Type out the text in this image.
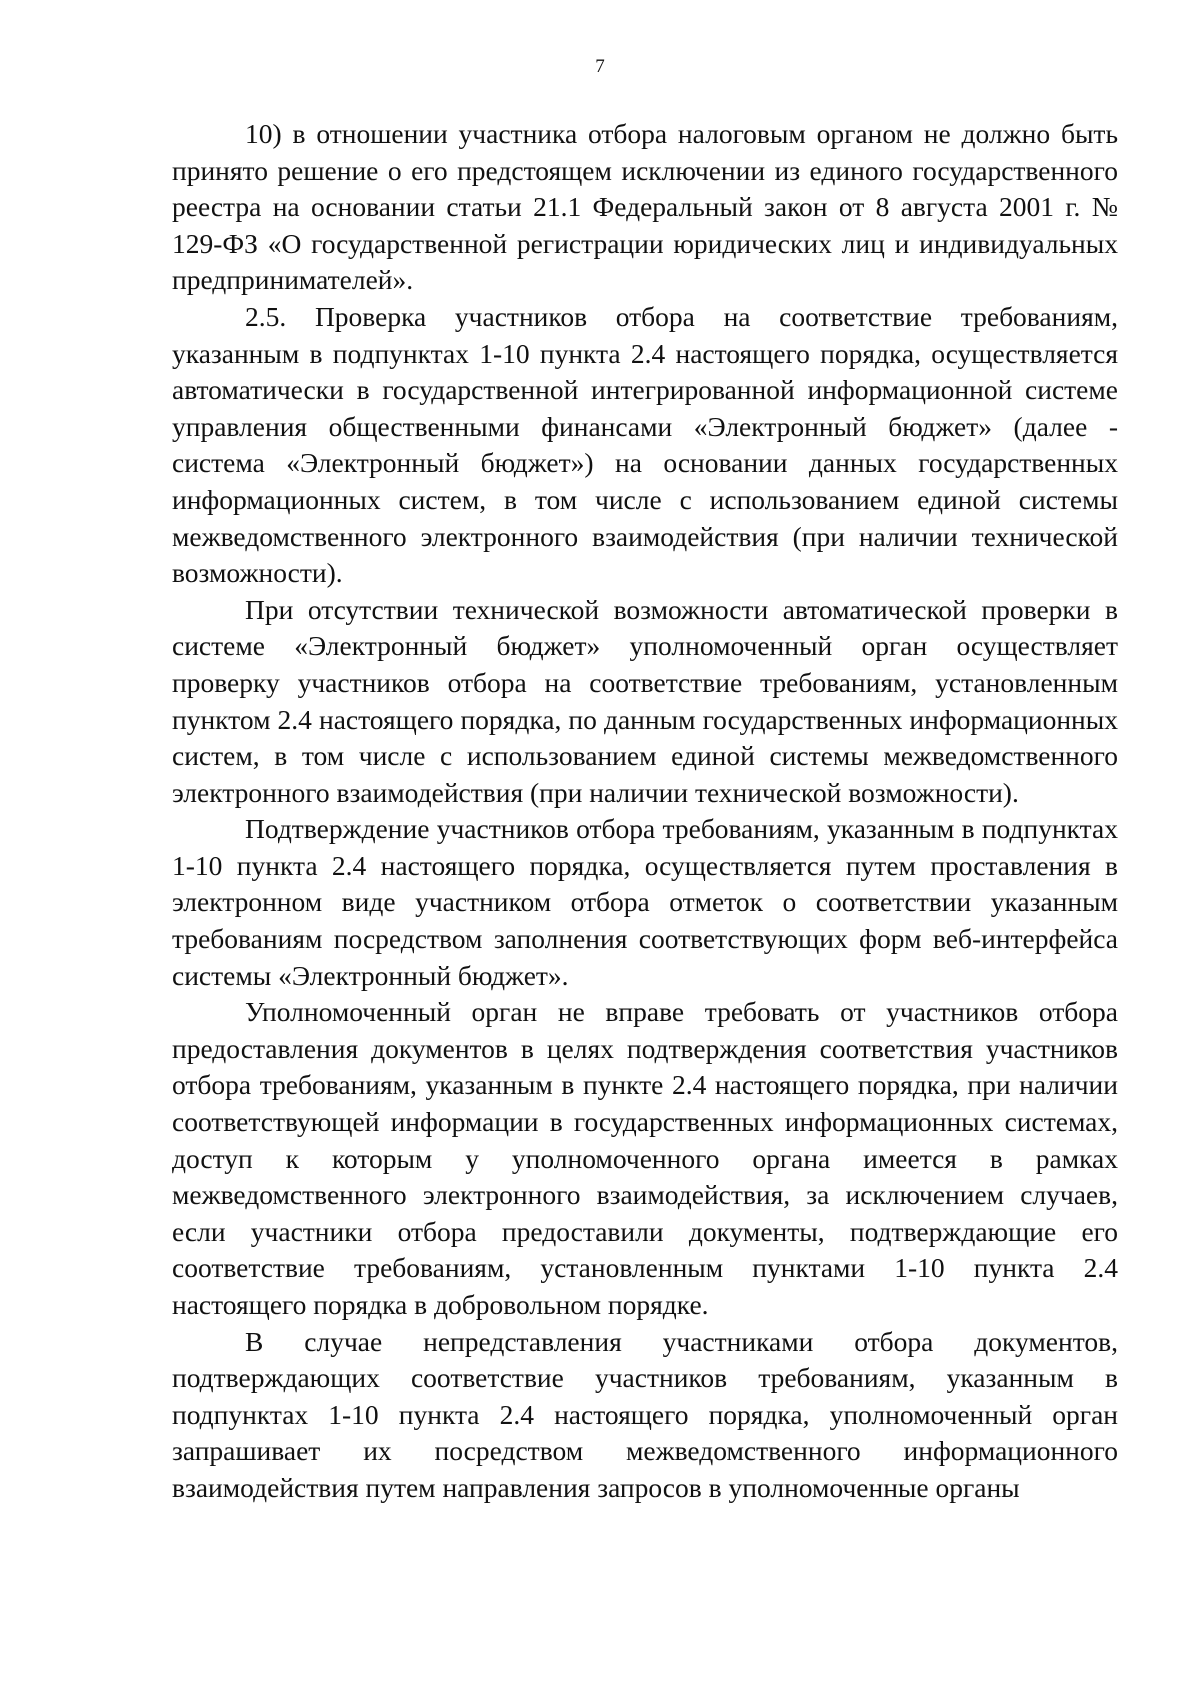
7

10) в отношении участника отбора налоговым органом не должно быть принято решение о его предстоящем исключении из единого государственного реестра на основании статьи 21.1 Федеральный закон от 8 августа 2001 г. № 129-ФЗ «О государственной регистрации юридических лиц и индивидуальных предпринимателей».

2.5. Проверка участников отбора на соответствие требованиям, указанным в подпунктах 1-10 пункта 2.4 настоящего порядка, осуществляется автоматически в государственной интегрированной информационной системе управления общественными финансами «Электронный бюджет» (далее - система «Электронный бюджет») на основании данных государственных информационных систем, в том числе с использованием единой системы межведомственного электронного взаимодействия (при наличии технической возможности).

При отсутствии технической возможности автоматической проверки в системе «Электронный бюджет» уполномоченный орган осуществляет проверку участников отбора на соответствие требованиям, установленным пунктом 2.4 настоящего порядка, по данным государственных информационных систем, в том числе с использованием единой системы межведомственного электронного взаимодействия (при наличии технической возможности).

Подтверждение участников отбора требованиям, указанным в подпунктах 1-10 пункта 2.4 настоящего порядка, осуществляется путем проставления в электронном виде участником отбора отметок о соответствии указанным требованиям посредством заполнения соответствующих форм веб-интерфейса системы «Электронный бюджет».

Уполномоченный орган не вправе требовать от участников отбора предоставления документов в целях подтверждения соответствия участников отбора требованиям, указанным в пункте 2.4 настоящего порядка, при наличии соответствующей информации в государственных информационных системах, доступ к которым у уполномоченного органа имеется в рамках межведомственного электронного взаимодействия, за исключением случаев, если участники отбора предоставили документы, подтверждающие его соответствие требованиям, установленным пунктами 1-10 пункта 2.4 настоящего порядка в добровольном порядке.

В случае непредставления участниками отбора документов, подтверждающих соответствие участников требованиям, указанным в подпунктах 1-10 пункта 2.4 настоящего порядка, уполномоченный орган запрашивает их посредством межведомственного информационного взаимодействия путем направления запросов в уполномоченные органы
